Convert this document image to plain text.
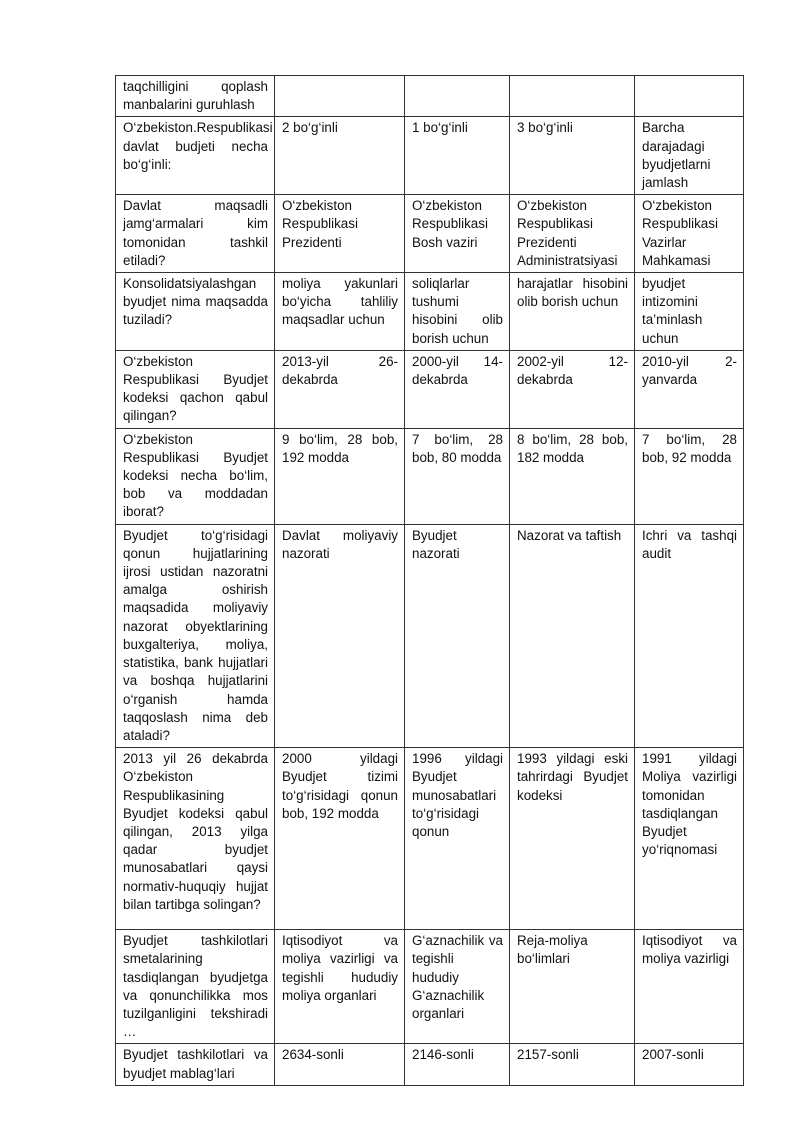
taqchilligini qoplash manbalarini guruhlash				
O‘zbekiston.Respublikasi davlat budjeti necha bo‘g‘inli:	2 bo‘g‘inli	1 bo‘g‘inli	3 bo‘g‘inli	Barcha darajadagi byudjetlarni jamlash
Davlat maqsadli jamg‘armalari kim tomonidan tashkil etiladi?	O‘zbekiston Respublikasi Prezidenti	O‘zbekiston Respublikasi Bosh vaziri	O‘zbekiston Respublikasi Prezidenti Administratsiyasi	O‘zbekiston Respublikasi Vazirlar Mahkamasi
Konsolidatsiyalashgan byudjet nima maqsadda tuziladi?	moliya yakunlari bo‘yicha tahliliy maqsadlar uchun	soliqlarlar tushumi hisobini olib borish uchun	harajatlar hisobini olib borish uchun	byudjet intizomini ta’minlash uchun
O‘zbekiston Respublikasi Byudjet kodeksi qachon qabul qilingan?	2013-yil 26-dekabrda	2000-yil 14-dekabrda	2002-yil 12-dekabrda	2010-yil 2-yanvarda
O‘zbekiston Respublikasi Byudjet kodeksi necha bo‘lim, bob va moddadan iborat?	9 bo‘lim, 28 bob, 192 modda	7 bo‘lim, 28 bob, 80 modda	8 bo‘lim, 28 bob, 182 modda	7 bo‘lim, 28 bob, 92 modda
Byudjet to‘g‘risidagi qonun hujjatlarining ijrosi ustidan nazoratni amalga oshirish maqsadida moliyaviy nazorat obyektlarining buxgalteriya, moliya, statistika, bank hujjatlari va boshqa hujjatlarini o‘rganish hamda taqqoslash nima deb ataladi?	Davlat moliyaviy nazorati	Byudjet nazorati	Nazorat va taftish	Ichri va tashqi audit
2013 yil 26 dekabrda O‘zbekiston Respublikasining Byudjet kodeksi qabul qilingan, 2013 yilga qadar byudjet munosabatlari qaysi normativ-huquqiy hujjat bilan tartibga solingan?	2000 yildagi Byudjet tizimi to‘g‘risidagi qonun bob, 192 modda	1996 yildagi Byudjet munosabatlari to‘g‘risidagi qonun	1993 yildagi eski tahrirdagi Byudjet kodeksi	1991 yildagi Moliya vazirligi tomonidan tasdiqlangan Byudjet yo‘riqnomasi
Byudjet tashkilotlari smetalarining tasdiqlangan byudjetga va qonunchilikka mos tuzilganligini tekshiradi …	Iqtisodiyot va moliya vazirligi va tegishli hududiy moliya organlari	G‘aznachilik va tegishli hududiy G‘aznachilik organlari	Reja-moliya bo‘limlari	Iqtisodiyot va moliya vazirligi
Byudjet tashkilotlari va byudjet mablag‘lari	2634-sonli	2146-sonli	2157-sonli	2007-sonli
